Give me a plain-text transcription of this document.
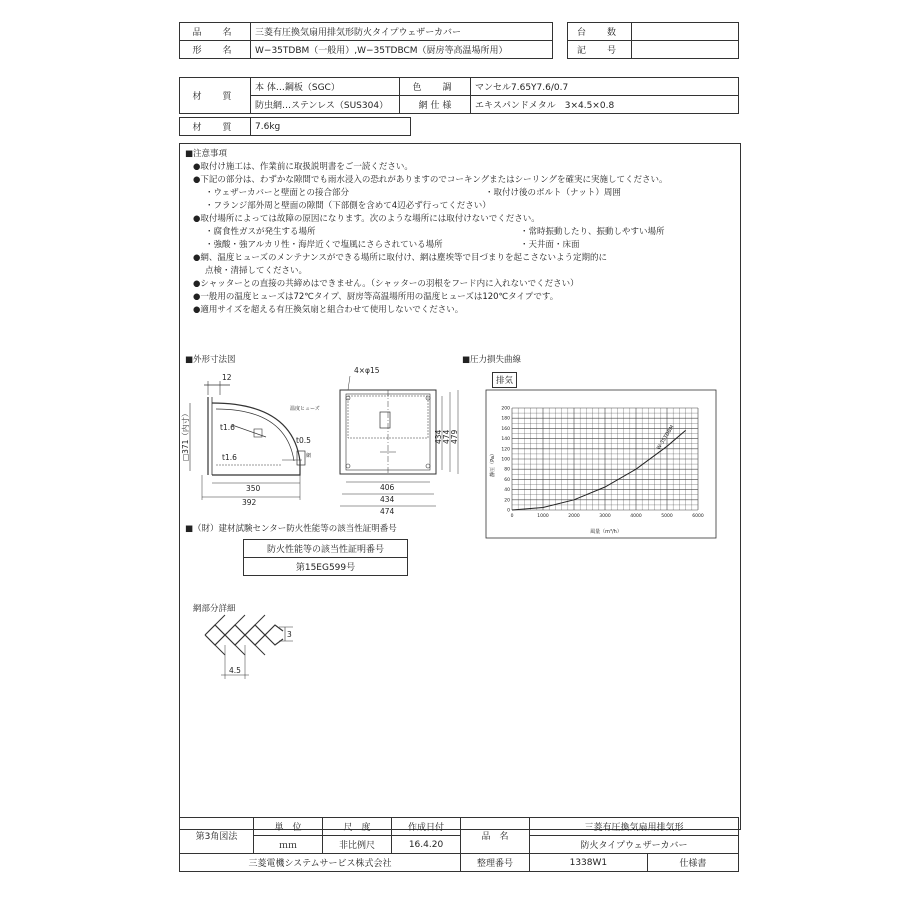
品　名	三菱有圧換気扇用排気形防火タイプウェザーカバー
形　名	W−35TDBM（一般用）,W−35TDBCM（厨房等高温場所用）
台　数	
記　号	
材　質	本 体…鋼板（SGC）	色　調	マンセル7.65Y7.6/0.7
	防虫網…ステンレス（SUS304）	網 仕 様	エキスパンドメタル　3×4.5×0.8
材　質	7.6kg
■注意事項
●取付け施工は、作業前に取扱説明書をご一読ください。
●下記の部分は、わずかな隙間でも雨水浸入の恐れがありますのでコーキングまたはシーリングを確実に実施してください。
・ウェザーカバーと壁面との接合部分	・取付け後のボルト（ナット）周囲
・フランジ部外周と壁面の隙間（下部側を含めて4辺必ず行ってください）
●取付場所によっては故障の原因になります。次のような場所には取付けないでください。
・腐食性ガスが発生する場所	・常時振動したり、振動しやすい場所
・強酸・強アルカリ性・海岸近くで塩風にさらされている場所	・天井面・床面
●網、温度ヒューズのメンテナンスができる場所に取付け、網は塵埃等で目づまりを起こさないよう定期的に
点検・清掃してください。
●シャッターとの直接の共締めはできません。（シャッターの羽根をフード内に入れないでください）
●一般用の温度ヒューズは72℃タイプ、厨房等高温場所用の温度ヒューズは120℃タイプです。
●適用サイズを超える有圧換気扇と組合わせて使用しないでください。
■外形寸法図
12
□371（内寸）	t1.6
t1.6
t0.5
網
350
392
温度ヒューズ
4×φ15
434 474 479
406
434
474
■圧力損失曲線
排気
0	1000	2000	3000	4000	5000	6000
0
20
40
60
80
100
120
140
160
180
200
W-35TDBM
静圧（Pa）
風量（m³/h）
■（財）建材試験センター防火性能等の該当性証明番号
防火性能等の該当性証明番号
第15EG599号
網部分詳細
3
4.5
第3角図法	単　位	尺　度	作成日付	品　名	三菱有圧換気扇用排気形	
	ｍｍ	非比例尺	16.4.20		防火タイプウェザーカバー	
三菱電機システムサービス株式会社				整理番号	1338W1	仕様書
